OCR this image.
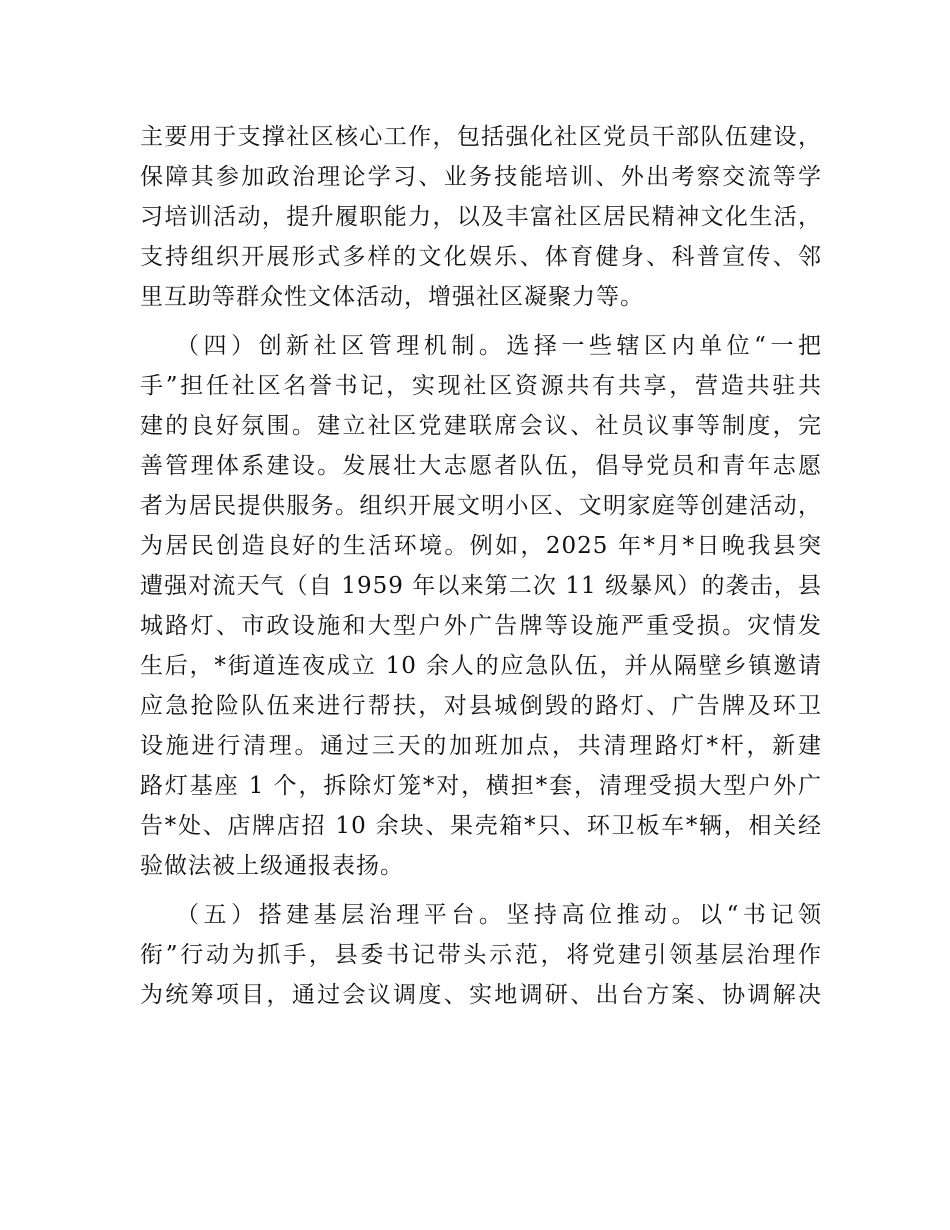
主要用于支撑社区核心工作，包括强化社区党员干部队伍建设，
保障其参加政治理论学习、业务技能培训、外出考察交流等学
习培训活动，提升履职能力，以及丰富社区居民精神文化生活，
支持组织开展形式多样的文化娱乐、体育健身、科普宣传、邻
里互助等群众性文体活动，增强社区凝聚力等。
（四）创新社区管理机制。选择一些辖区内单位“一把
手”担任社区名誉书记，实现社区资源共有共享，营造共驻共
建的良好氛围。建立社区党建联席会议、社员议事等制度，完
善管理体系建设。发展壮大志愿者队伍，倡导党员和青年志愿
者为居民提供服务。组织开展文明小区、文明家庭等创建活动，
为居民创造良好的生活环境。例如，2025 年*月*日晚我县突
遭强对流天气（自 1959 年以来第二次 11 级暴风）的袭击，县
城路灯、市政设施和大型户外广告牌等设施严重受损。灾情发
生后，*街道连夜成立 10 余人的应急队伍，并从隔壁乡镇邀请
应急抢险队伍来进行帮扶，对县城倒毁的路灯、广告牌及环卫
设施进行清理。通过三天的加班加点，共清理路灯*杆，新建
路灯基座 1 个，拆除灯笼*对，横担*套，清理受损大型户外广
告*处、店牌店招 10 余块、果壳箱*只、环卫板车*辆，相关经
验做法被上级通报表扬。
（五）搭建基层治理平台。坚持高位推动。以“书记领
衔”行动为抓手，县委书记带头示范，将党建引领基层治理作
为统筹项目，通过会议调度、实地调研、出台方案、协调解决
